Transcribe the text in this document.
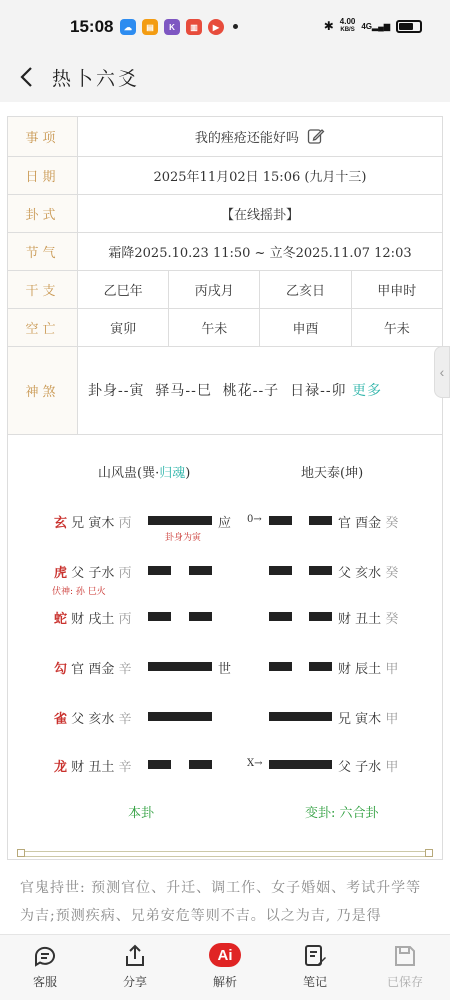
15:08	☁	▤	K	▥	▶	✱ 4.00
KB/S 4G▂▄▆
热卜六爻
事项	我的痤疮还能好吗			
日期	2025年11月02日 15:06 (九月十三)			
卦式	【在线摇卦】			
节气	霜降2025.10.23 11:50 ~ 立冬2025.11.07 12:03			
干支	乙巳年	丙戌月	乙亥日	甲申时
空亡	寅卯	午未	申酉	午未
神煞	卦身--寅  驿马--巳  桃花--子  日禄--卯 更多			
‹
山风蛊(巽·归魂)	地天泰(坤)
玄 兄 寅木 丙	应 0→	官 酉金 癸
虎 父 子水 丙	父 亥水 癸
蛇 财 戌土 丙	财 丑土 癸
勾 官 酉金 辛	世	财 辰土 甲
雀 父 亥水 辛	兄 寅木 甲
龙 财 丑土 辛	X→	父 子水 甲
卦身为寅
伏神: 孙 巳火
本卦	变卦: 六合卦
官鬼持世: 预测官位、升迁、调工作、女子婚姻、考试升学等为吉;预测疾病、兄弟安危等则不吉。以之为吉, 乃是得
客服	分享
Ai
解析	笔记	已保存
